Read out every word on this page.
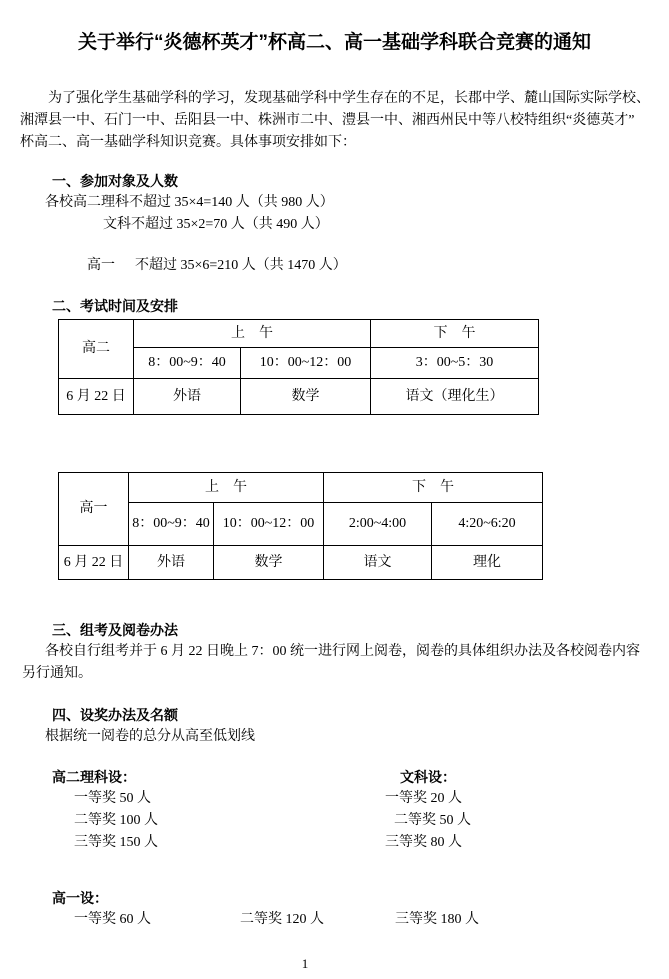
关于举行“炎德杯英才”杯高二、高一基础学科联合竞赛的通知
为了强化学生基础学科的学习，发现基础学科中学生存在的不足，长郡中学、麓山国际实际学校、
湘潭县一中、石门一中、岳阳县一中、株洲市二中、澧县一中、湘西州民中等八校特组织“炎德英才”
杯高二、高一基础学科知识竞赛。具体事项安排如下：
一、参加对象及人数
各校高二理科不超过 35×4=140 人（共 980 人）
文科不超过 35×2=70 人（共 490 人）
高一 不超过 35×6=210 人（共 1470 人）
二、考试时间及安排
高二	上　午		下　午
	8：00~9：40	10：00~12：00	3：00~5：30
6 月 22 日	外语	数学	语文（理化生）
高一	上　午		下　午	
	8：00~9：40	10：00~12：00	2:00~4:00	4:20~6:20
6 月 22 日	外语	数学	语文	理化
三、组考及阅卷办法
各校自行组考并于 6 月 22 日晚上 7：00 统一进行网上阅卷，阅卷的具体组织办法及各校阅卷内容
另行通知。
四、设奖办法及名额
根据统一阅卷的总分从高至低划线
高二理科设：
一等奖 50 人
二等奖 100 人
三等奖 150 人
文科设：
一等奖 20 人
二等奖 50 人
三等奖 80 人
高一设：
一等奖 60 人	二等奖 120 人	三等奖 180 人
1
